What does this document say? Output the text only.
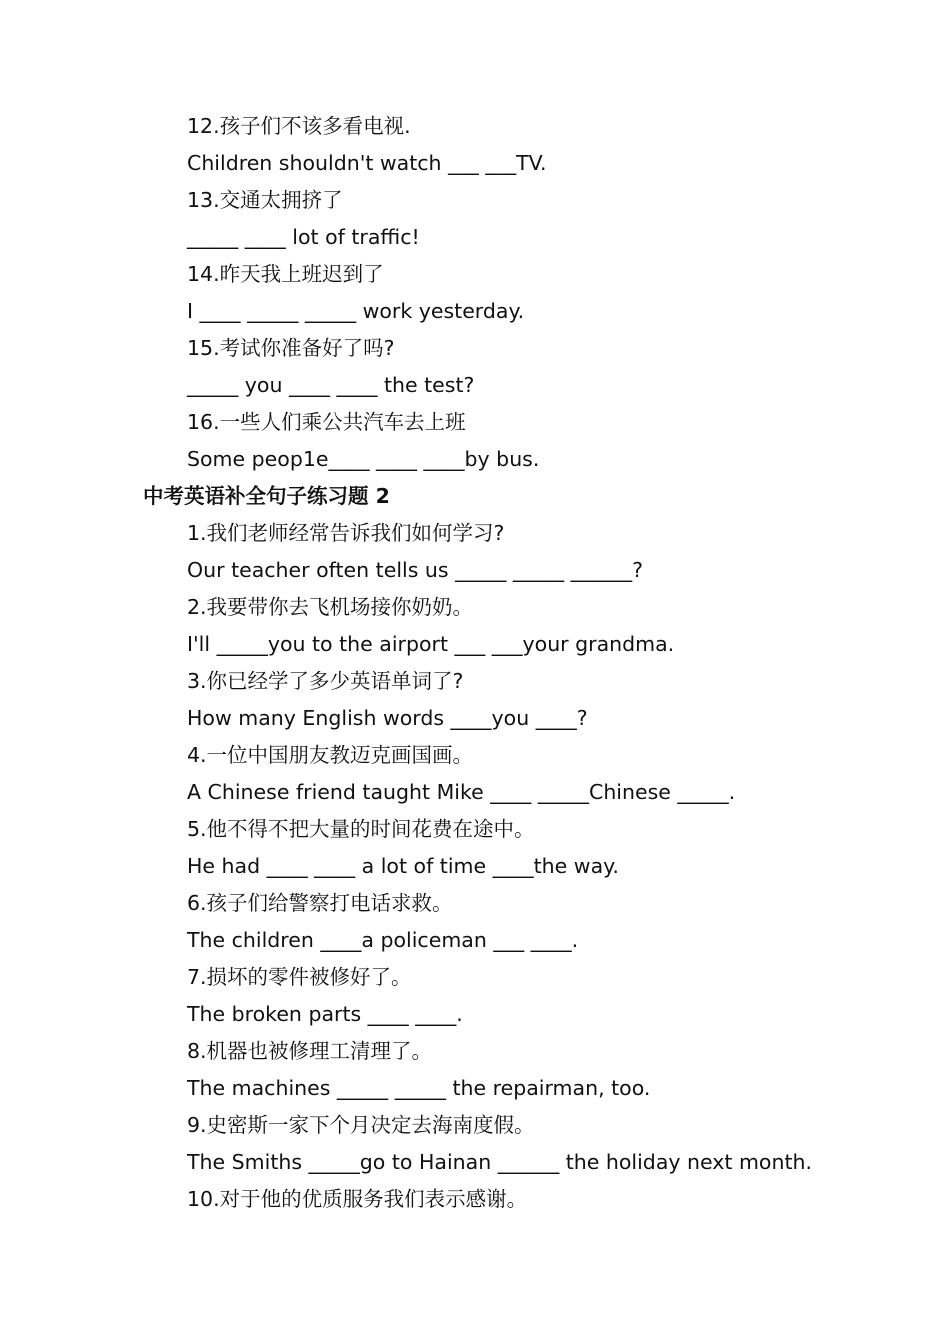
12.孩子们不该多看电视.
Children shouldn't watch ___ ___TV.
13.交通太拥挤了
_____ ____ lot of traffic!
14.昨天我上班迟到了
I ____ _____ _____ work yesterday.
15.考试你准备好了吗?
_____ you ____ ____ the test?
16.一些人们乘公共汽车去上班
Some peop1e____ ____ ____by bus.
中考英语补全句子练习题 2
1.我们老师经常告诉我们如何学习?
Our teacher often tells us _____ _____ ______?
2.我要带你去飞机场接你奶奶。
I'll _____you to the airport ___ ___your grandma.
3.你已经学了多少英语单词了?
How many English words ____you ____?
4.一位中国朋友教迈克画国画。
A Chinese friend taught Mike ____ _____Chinese _____.
5.他不得不把大量的时间花费在途中。
He had ____ ____ a lot of time ____the way.
6.孩子们给警察打电话求救。
The children ____a policeman ___ ____.
7.损坏的零件被修好了。
The broken parts ____ ____.
8.机器也被修理工清理了。
The machines _____ _____ the repairman, too.
9.史密斯一家下个月决定去海南度假。
The Smiths _____go to Hainan ______ the holiday next month.
10.对于他的优质服务我们表示感谢。
